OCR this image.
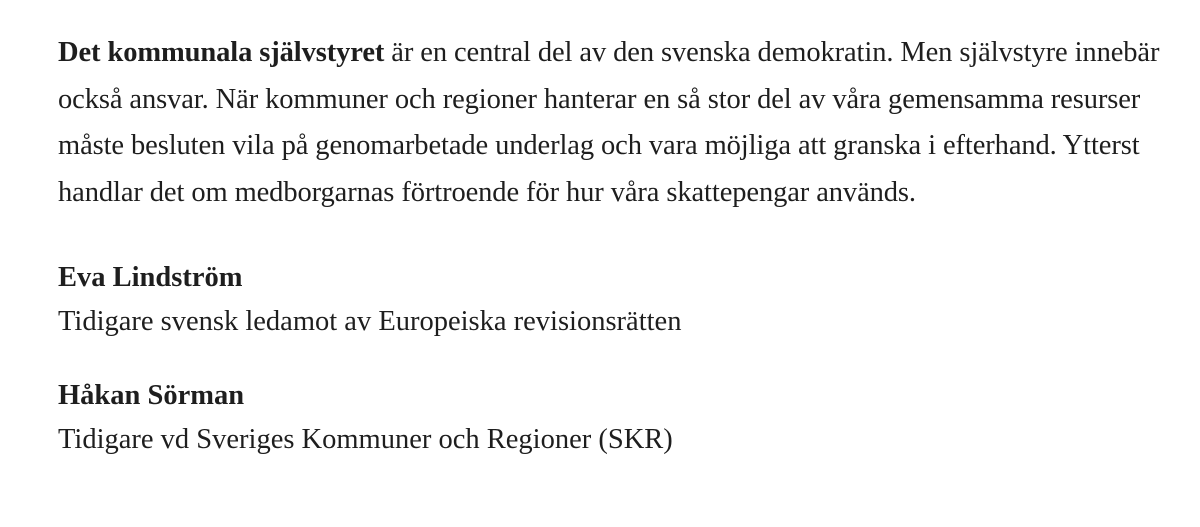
Det kommunala självstyret är en central del av den svenska demokratin. Men självstyre innebär också ansvar. När kommuner och regioner hanterar en så stor del av våra gemensamma resurser måste besluten vila på genomarbetade underlag och vara möjliga att granska i efterhand. Ytterst handlar det om medborgarnas förtroende för hur våra skattepengar används.

Eva Lindström
Tidigare svensk ledamot av Europeiska revisionsrätten
Håkan Sörman
Tidigare vd Sveriges Kommuner och Regioner (SKR)
